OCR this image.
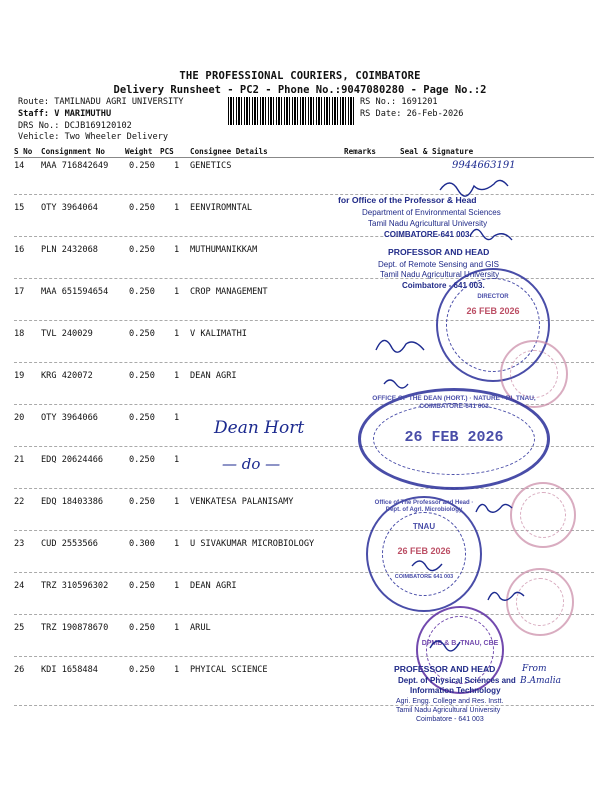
THE PROFESSIONAL COURIERS, COIMBATORE
Delivery Runsheet - PC2 - Phone No.:9047080280 - Page No.:2
Route: TAMILNADU AGRI UNIVERSITY
Staff: V MARIMUTHU
DRS No.: DCJB169120102
Vehicle: Two Wheeler Delivery
RS No.: 1691201
RS Date: 26-Feb-2026
S No Consignment No	Weight PCS Consignee Details	Remarks	Seal & Signature
14 MAA 716842649 0.250 1 GENETICS
15 OTY 3964064	0.250 1 EENVIROMNTAL
16 PLN 2432068	0.250 1 MUTHUMANIKKAM
17 MAA 651594654 0.250 1 CROP MANAGEMENT
18 TVL 240029	0.250 1 V KALIMATHI
19 KRG 420072	0.250 1 DEAN AGRI
20 OTY 3964066	0.250 1
21 EDQ 20624466	0.250 1
22 EDQ 18403386	0.250 1 VENKATESA PALANISAMY
23 CUD 2553566	0.300 1 U SIVAKUMAR MICROBIOLOGY
24 TRZ 310596302 0.250 1 DEAN AGRI
25 TRZ 190878670 0.250 1 ARUL
26 KDI 1658484	0.250 1 PHYICAL SCIENCE
Dean Hort
— do —
9944663191
From
B.Amalia
for Office of the Professor & Head
Department of Environmental Sciences
Tamil Nadu Agricultural University
COIMBATORE-641 003.
PROFESSOR AND HEAD
Dept. of Remote Sensing and GIS
Tamil Nadu Agricultural University
Coimbatore - 641 003.
DIRECTOR
26 FEB 2026
OFFICE OF THE DEAN (HORT.) · NATURE · RI, TNAU, COIMBATORE-641 003
26 FEB 2026
Office of The Professor and Head · Dept. of Agrl. Microbiology
TNAU
26 FEB 2026
COIMBATORE 641 003
DPMB & B, TNAU, CBE
PROFESSOR AND HEAD
Dept. of Physical Sciences and
Information Technology
Agri. Engg. College and Res. Instt.
Tamil Nadu Agricultural University
Coimbatore - 641 003
